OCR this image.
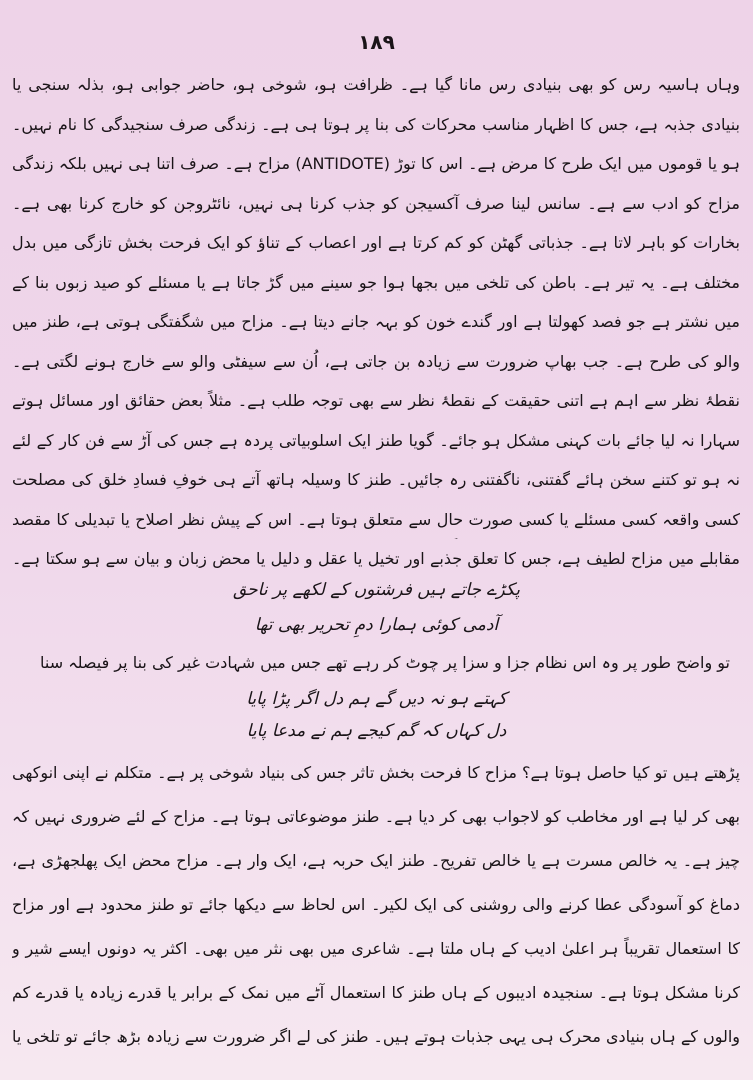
۱۸۹
وہاں ہاسیہ رس کو بھی بنیادی رس مانا گیا ہے۔ ظرافت ہو، شوخی ہو، حاضر جوابی ہو، بذلہ سنجی یا
بنیادی جذبہ ہے، جس کا اظہار مناسب محرکات کی بنا پر ہوتا ہی ہے۔ زندگی صرف سنجیدگی کا نام نہیں۔
ہو یا قوموں میں ایک طرح کا مرض ہے۔ اس کا توڑ (ANTIDOTE) مزاح ہے۔ صرف اتنا ہی نہیں بلکہ زندگی
مزاح کو ادب سے ہے۔ سانس لینا صرف آکسیجن کو جذب کرنا ہی نہیں، نائٹروجن کو خارج کرنا بھی ہے۔
بخارات کو باہر لاتا ہے۔ جذباتی گھٹن کو کم کرتا ہے اور اعصاب کے تناؤ کو ایک فرحت بخش تازگی میں بدل
مختلف ہے۔ یہ تیر ہے۔ باطن کی تلخی میں بجھا ہوا جو سینے میں گڑ جاتا ہے یا مسئلے کو صید زبوں بنا کے
میں نشتر ہے جو فصد کھولتا ہے اور گندے خون کو بہہ جانے دیتا ہے۔ مزاح میں شگفتگی ہوتی ہے، طنز میں
والو کی طرح ہے۔ جب بھاپ ضرورت سے زیادہ بن جاتی ہے، اُن سے سیفٹی والو سے خارج ہونے لگتی ہے۔
نقطۂ نظر سے اہم ہے اتنی حقیقت کے نقطۂ نظر سے بھی توجہ طلب ہے۔ مثلاً بعض حقائق اور مسائل ہوتے
سہارا نہ لیا جائے بات کہنی مشکل ہو جائے۔ گویا طنز ایک اسلوبیاتی پردہ ہے جس کی آڑ سے فن کار کے لئے
نہ ہو تو کتنے سخن ہائے گفتنی، ناگفتنی رہ جائیں۔ طنز کا وسیلہ ہاتھ آتے ہی خوفِ فسادِ خلق کی مصلحت
کسی واقعہ کسی مسئلے یا کسی صورت حال سے متعلق ہوتا ہے۔ اس کے پیش نظر اصلاح یا تبدیلی کا مقصد
مقابلے میں مزاح لطیف ہے، جس کا تعلق جذبے اور تخیل یا عقل و دلیل یا محض زبان و بیان سے ہو سکتا ہے۔
پکڑے جاتے ہیں فرشتوں کے لکھے پر ناحق
آدمی کوئی ہمارا دمِ تحریر بھی تھا
تو واضح طور پر وہ اس نظام جزا و سزا پر چوٹ کر رہے تھے جس میں شہادت غیر کی بنا پر فیصلہ سنا
کہتے ہو نہ دیں گے ہم دل اگر پڑا پایا
دل کہاں کہ گم کیجے ہم نے مدعا پایا
پڑھتے ہیں تو کیا حاصل ہوتا ہے؟ مزاح کا فرحت بخش تاثر جس کی بنیاد شوخی پر ہے۔ متکلم نے اپنی انوکھی
بھی کر لیا ہے اور مخاطب کو لاجواب بھی کر دیا ہے۔ طنز موضوعاتی ہوتا ہے۔ مزاح کے لئے ضروری نہیں کہ
چیز ہے۔ یہ خالص مسرت ہے یا خالص تفریح۔ طنز ایک حربہ ہے، ایک وار ہے۔ مزاح محض ایک پھلجھڑی ہے،
دماغ کو آسودگی عطا کرنے والی روشنی کی ایک لکیر۔ اس لحاظ سے دیکھا جائے تو طنز محدود ہے اور مزاح
کا استعمال تقریباً ہر اعلیٰ ادیب کے ہاں ملتا ہے۔ شاعری میں بھی نثر میں بھی۔ اکثر یہ دونوں ایسے شیر و
کرنا مشکل ہوتا ہے۔ سنجیدہ ادیبوں کے ہاں طنز کا استعمال آٹے میں نمک کے برابر یا قدرے زیادہ یا قدرے کم
والوں کے ہاں بنیادی محرک ہی یہی جذبات ہوتے ہیں۔ طنز کی لے اگر ضرورت سے زیادہ بڑھ جائے تو تلخی یا
